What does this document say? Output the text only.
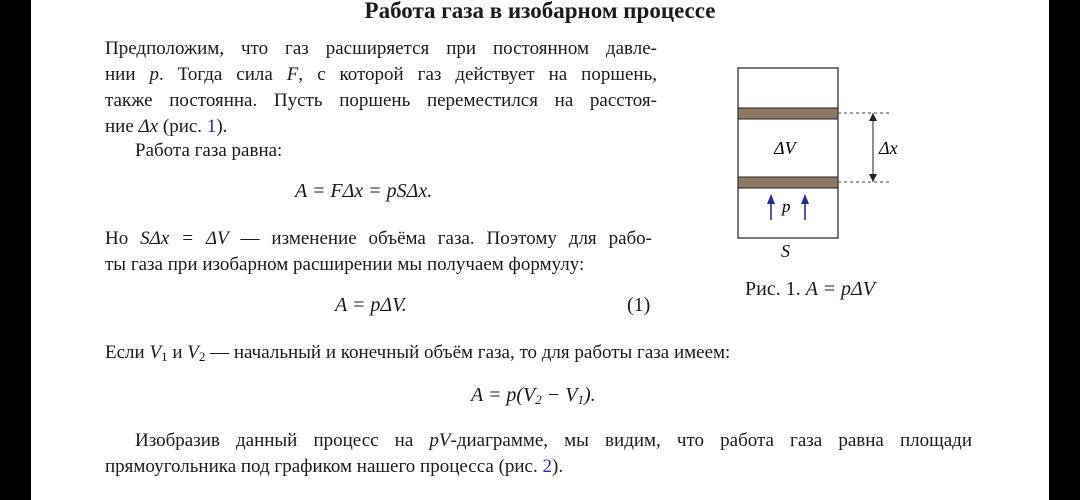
Работа газа в изобарном процессе
Предположим, что газ расширяется при постоянном давле-
нии p. Тогда сила F, с которой газ действует на поршень,
также постоянна. Пусть поршень переместился на расстоя-
ние Δx (рис. 1).
Работа газа равна:
A = FΔx = pSΔx.
Но SΔx = ΔV — изменение объёма газа. Поэтому для рабо-
ты газа при изобарном расширении мы получаем формулу:
A = pΔV.	(1)
Если $V_1$ и $V_2$ — начальный и конечный объём газа, то для работы газа имеем:
$A = p(V_2 - V_1)$.
Изобразив данный процесс на pV-диаграмме, мы видим, что работа газа равна площади
прямоугольника под графиком нашего процесса (рис. 2).
Δx
ΔV
p
S
Рис. 1. A = pΔV
